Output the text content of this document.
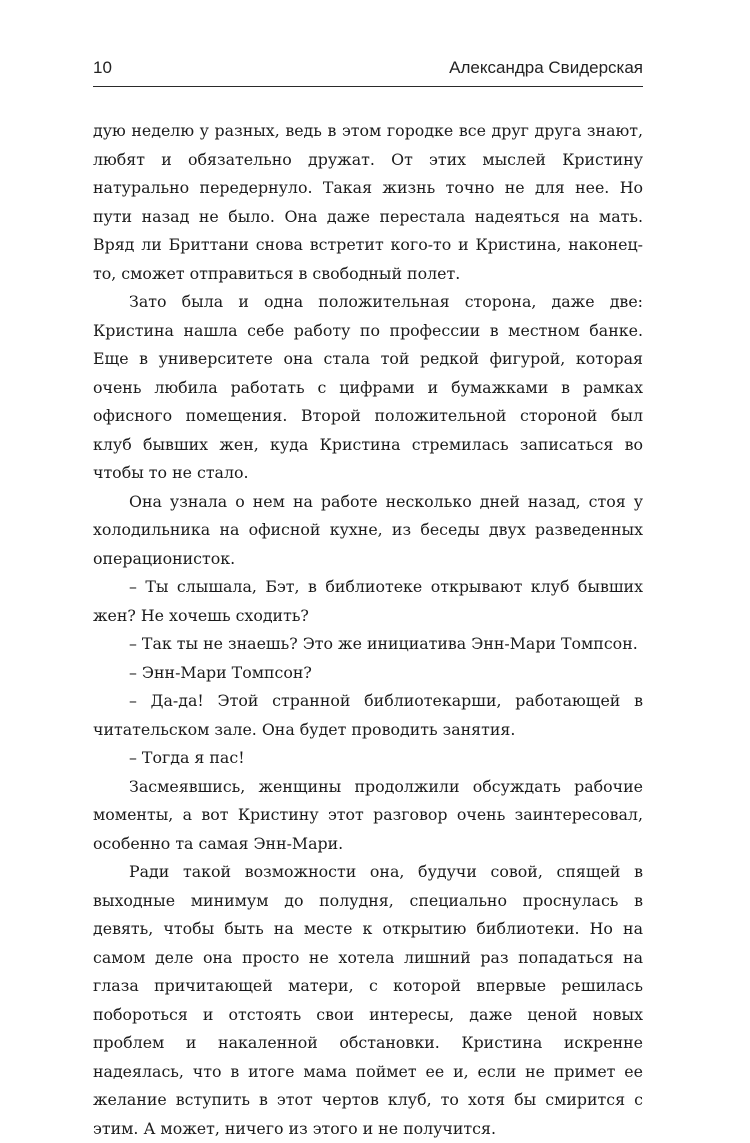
10	Александра Свидерская

дую неделю у разных, ведь в этом городке все друг друга знают, любят и обязательно дружат. От этих мыслей Кристину натурально передернуло. Такая жизнь точно не для нее. Но пути назад не было. Она даже перестала надеяться на мать. Вряд ли Бриттани снова встретит кого-то и Кристина, наконец-то, сможет отправиться в свободный полет.

Зато была и одна положительная сторона, даже две: Кристина нашла себе работу по профессии в местном банке. Еще в университете она стала той редкой фигурой, которая очень любила работать с цифрами и бумажками в рамках офисного помещения. Второй положительной стороной был клуб бывших жен, куда Кристина стремилась записаться во чтобы то не стало.

Она узнала о нем на работе несколько дней назад, стоя у холодильника на офисной кухне, из беседы двух разведенных операционисток.

– Ты слышала, Бэт, в библиотеке открывают клуб бывших жен? Не хочешь сходить?

– Так ты не знаешь? Это же инициатива Энн-Мари Томпсон.

– Энн-Мари Томпсон?

– Да-да! Этой странной библиотекарши, работающей в читательском зале. Она будет проводить занятия.

– Тогда я пас!

Засмеявшись, женщины продолжили обсуждать рабочие моменты, а вот Кристину этот разговор очень заинтересовал, особенно та самая Энн-Мари.

Ради такой возможности она, будучи совой, спящей в выходные минимум до полудня, специально проснулась в девять, чтобы быть на месте к открытию библиотеки. Но на самом деле она просто не хотела лишний раз попадаться на глаза причитающей матери, с которой впервые решилась побороться и отстоять свои интересы, даже ценой новых проблем и накаленной обстановки. Кристина искренне надеялась, что в итоге мама поймет ее и, если не примет ее желание вступить в этот чертов клуб, то хотя бы смирится с этим. А может, ничего из этого и не получится.
